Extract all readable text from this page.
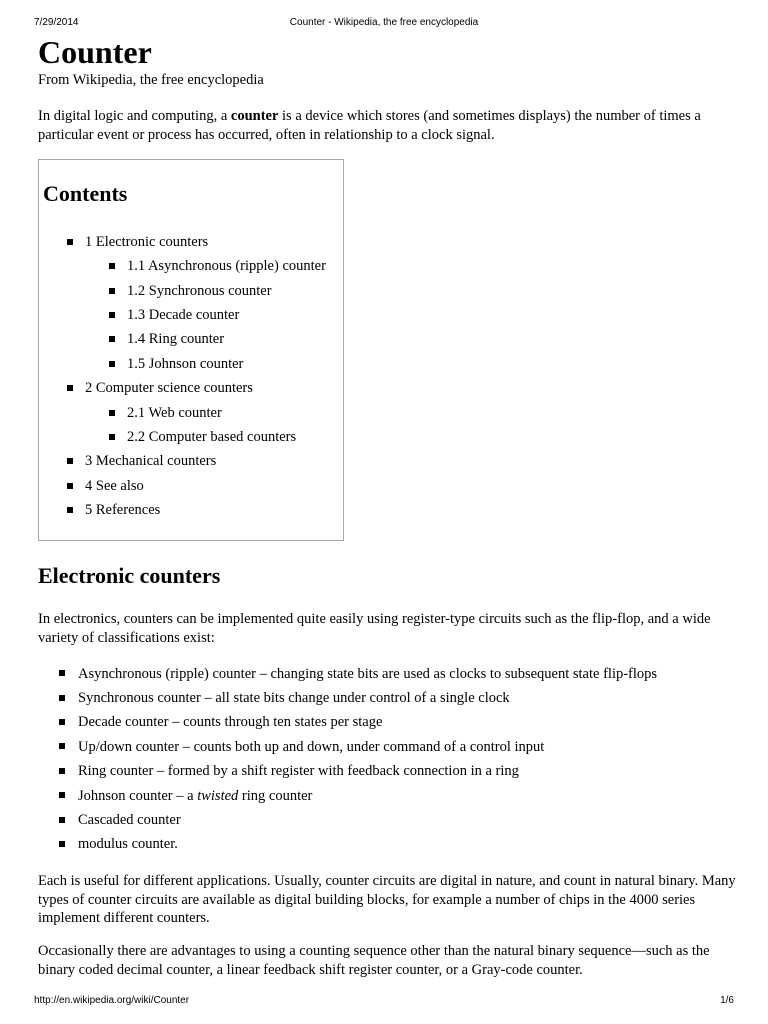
7/29/2014	Counter - Wikipedia, the free encyclopedia
Counter
From Wikipedia, the free encyclopedia
In digital logic and computing, a counter is a device which stores (and sometimes displays) the number of times a particular event or process has occurred, often in relationship to a clock signal.
Contents
1 Electronic counters
1.1 Asynchronous (ripple) counter
1.2 Synchronous counter
1.3 Decade counter
1.4 Ring counter
1.5 Johnson counter
2 Computer science counters
2.1 Web counter
2.2 Computer based counters
3 Mechanical counters
4 See also
5 References
Electronic counters
In electronics, counters can be implemented quite easily using register-type circuits such as the flip-flop, and a wide variety of classifications exist:
Asynchronous (ripple) counter – changing state bits are used as clocks to subsequent state flip-flops
Synchronous counter – all state bits change under control of a single clock
Decade counter – counts through ten states per stage
Up/down counter – counts both up and down, under command of a control input
Ring counter – formed by a shift register with feedback connection in a ring
Johnson counter – a twisted ring counter
Cascaded counter
modulus counter.
Each is useful for different applications. Usually, counter circuits are digital in nature, and count in natural binary. Many types of counter circuits are available as digital building blocks, for example a number of chips in the 4000 series implement different counters.
Occasionally there are advantages to using a counting sequence other than the natural binary sequence—such as the binary coded decimal counter, a linear feedback shift register counter, or a Gray-code counter.
http://en.wikipedia.org/wiki/Counter	1/6
